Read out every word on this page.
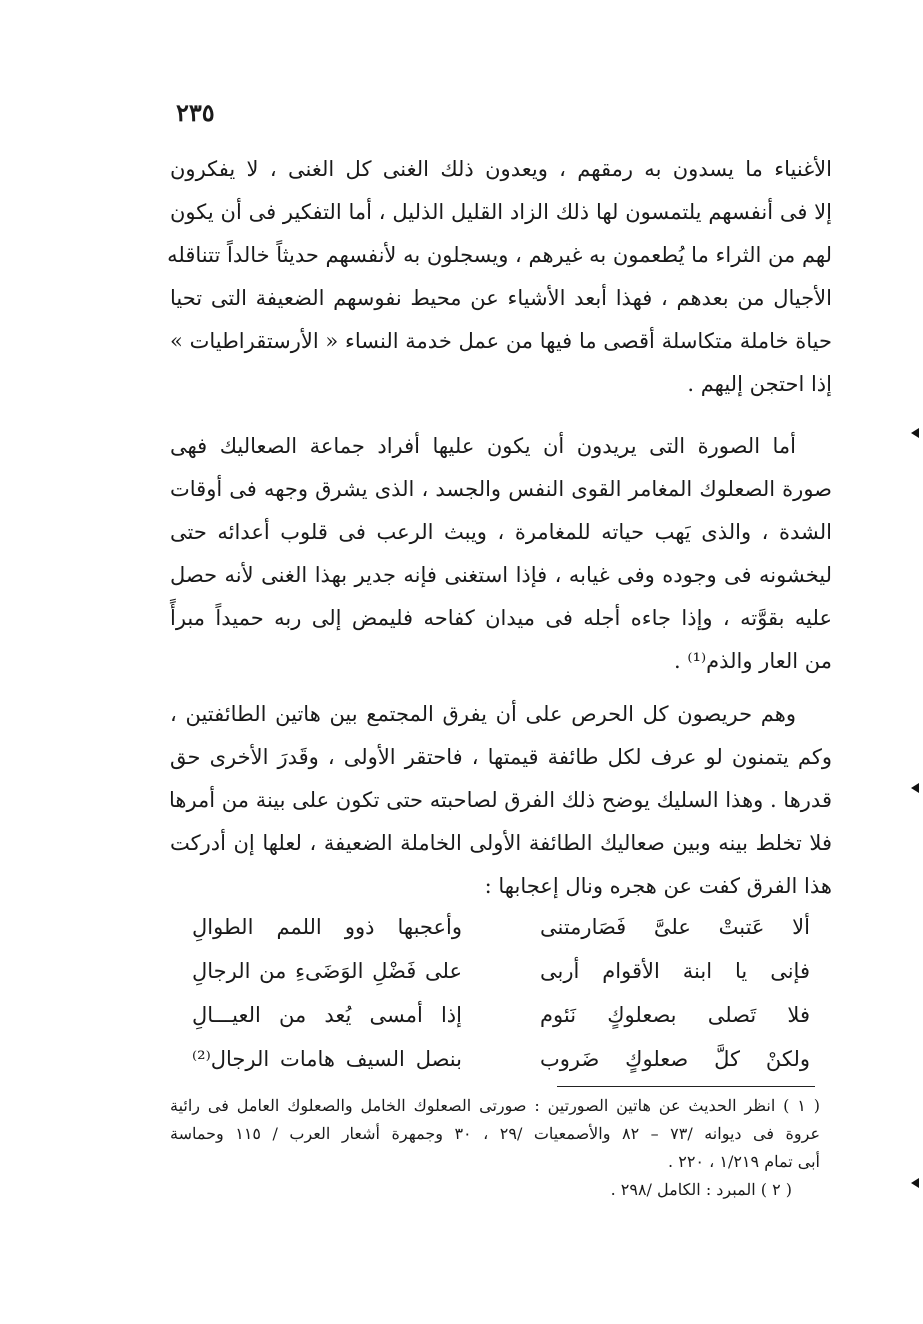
٢٣٥
الأغنياء ما يسدون به رمقهم ، ويعدون ذلك الغنى كل الغنى ، لا يفكرون
إلا فى أنفسهم يلتمسون لها ذلك الزاد القليل الذليل ، أما التفكير فى أن يكون
لهم من الثراء ما يُطعمون به غيرهم ، ويسجلون به لأنفسهم حديثاً خالداً تتناقله
الأجيال من بعدهم ، فهذا أبعد الأشياء عن محيط نفوسهم الضعيفة التى تحيا
حياة خاملة متكاسلة أقصى ما فيها من عمل خدمة النساء « الأرستقراطيات »
إذا احتجن إليهم .
أما الصورة التى يريدون أن يكون عليها أفراد جماعة الصعاليك فهى
صورة الصعلوك المغامر القوى النفس والجسد ، الذى يشرق وجهه فى أوقات
الشدة ، والذى يَهب حياته للمغامرة ، ويبث الرعب فى قلوب أعدائه حتى
ليخشونه فى وجوده وفى غيابه ، فإذا استغنى فإنه جدير بهذا الغنى لأنه حصل
عليه بقوَّته ، وإذا جاءه أجله فى ميدان كفاحه فليمض إلى ربه حميداً مبرأً
من العار والذم⁽¹⁾ .
وهم حريصون كل الحرص على أن يفرق المجتمع بين هاتين الطائفتين ،
وكم يتمنون لو عرف لكل طائفة قيمتها ، فاحتقر الأولى ، وقَدرَ الأخرى حق
قدرها . وهذا السليك يوضح ذلك الفرق لصاحبته حتى تكون على بينة من أمرها
فلا تخلط بينه وبين صعاليك الطائفة الأولى الخاملة الضعيفة ، لعلها إن أدركت
هذا الفرق كفت عن هجره ونال إعجابها :
ألا عَتبتْ علىَّ فَصَارمتنى
وأعجبها ذوو اللمم الطوالِ
فإنى يا ابنة الأقوام أربى
على فَضْلِ الوَضَىءِ من الرجالِ
فلا تَصلى بصعلوكٍ نَئوم
إذا أمسى يُعد من العيـــالِ
ولكنْ كلَّ صعلوكٍ ضَروب
بنصل السيف هامات الرجال⁽²⁾
( ١ ) انظر الحديث عن هاتين الصورتين : صورتى الصعلوك الخامل والصعلوك العامل فى رائية
عروة فى ديوانه /٧٣ – ٨٢ والأصمعيات /٢٩ ، ٣٠ وجمهرة أشعار العرب / ١١٥ وحماسة
أبى تمام ١/٢١٩ ، ٢٢٠ .
( ٢ ) المبرد : الكامل /٢٩٨ .
